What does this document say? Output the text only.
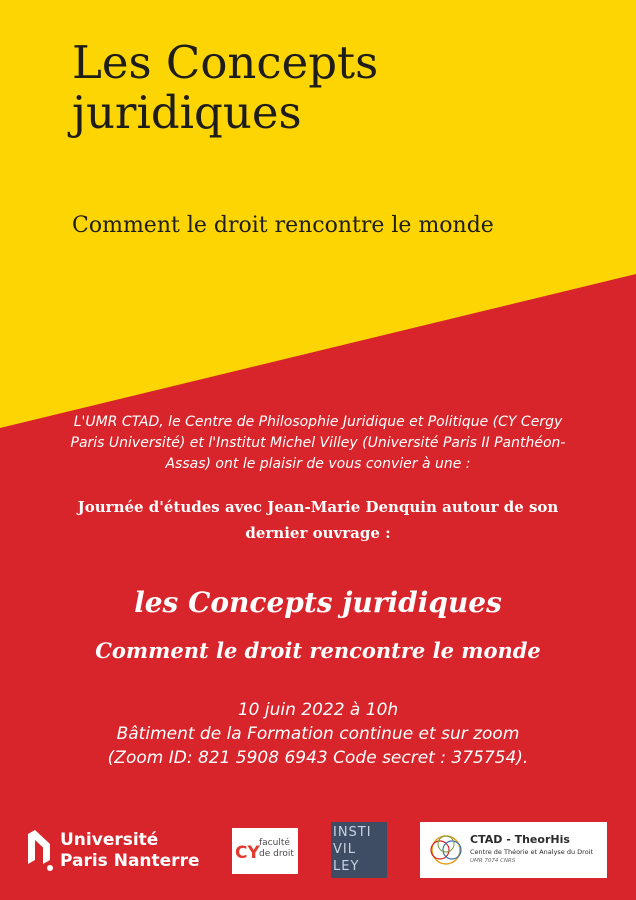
Les Concepts
juridiques
Comment le droit rencontre le monde

L'UMR CTAD, le Centre de Philosophie Juridique et Politique (CY Cergy
Paris Université) et l'Institut Michel Villey (Université Paris II Panthéon-
Assas) ont le plaisir de vous convier à une :

Journée d'études avec Jean-Marie Denquin autour de son
dernier ouvrage :

les Concepts juridiques
Comment le droit rencontre le monde
10 juin 2022 à 10h
Bâtiment de la Formation continue et sur zoom
(Zoom ID: 821 5908 6943 Code secret : 375754).
Université
Paris Nanterre CY faculté
de droit
INSTI
VIL LEY
CTAD - TheorHis
Centre de Théorie et Analyse du Droit
UMR 7074 CNRS
